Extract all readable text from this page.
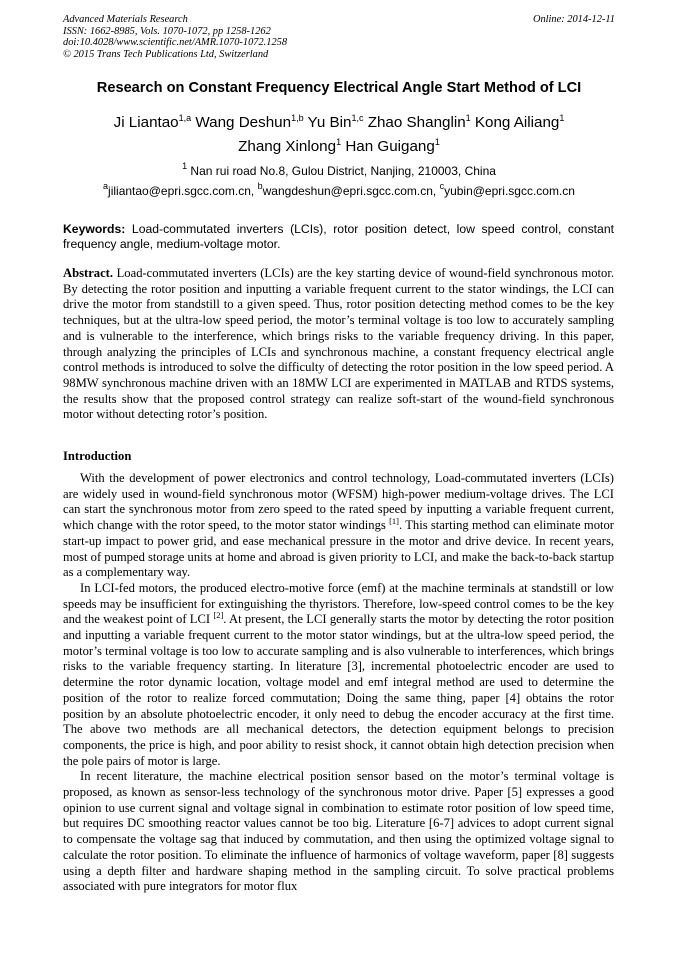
Advanced Materials Research
ISSN: 1662-8985, Vols. 1070-1072, pp 1258-1262
doi:10.4028/www.scientific.net/AMR.1070-1072.1258
© 2015 Trans Tech Publications Ltd, Switzerland
Online: 2014-12-11
Research on Constant Frequency Electrical Angle Start Method of LCI
Ji Liantao$^{1,a}$ Wang Deshun$^{1,b}$ Yu Bin$^{1,c}$ Zhao Shanglin$^1$ Kong Ailiang$^1$
Zhang Xinlong$^1$ Han Guigang$^1$
$^1$ Nan rui road No.8, Gulou District, Nanjing, 210003, China
$^a$jiliantao@epri.sgcc.com.cn, $^b$wangdeshun@epri.sgcc.com.cn, $^c$yubin@epri.sgcc.com.cn
Keywords: Load-commutated inverters (LCIs), rotor position detect, low speed control, constant frequency angle, medium-voltage motor.
Abstract. Load-commutated inverters (LCIs) are the key starting device of wound-field synchronous motor. By detecting the rotor position and inputting a variable frequent current to the stator windings, the LCI can drive the motor from standstill to a given speed. Thus, rotor position detecting method comes to be the key techniques, but at the ultra-low speed period, the motor’s terminal voltage is too low to accurately sampling and is vulnerable to the interference, which brings risks to the variable frequency driving. In this paper, through analyzing the principles of LCIs and synchronous machine, a constant frequency electrical angle control methods is introduced to solve the difficulty of detecting the rotor position in the low speed period. A 98MW synchronous machine driven with an 18MW LCI are experimented in MATLAB and RTDS systems, the results show that the proposed control strategy can realize soft-start of the wound-field synchronous motor without detecting rotor’s position.
Introduction

With the development of power electronics and control technology, Load-commutated inverters (LCIs) are widely used in wound-field synchronous motor (WFSM) high-power medium-voltage drives. The LCI can start the synchronous motor from zero speed to the rated speed by inputting a variable frequent current, which change with the rotor speed, to the motor stator windings [1]. This starting method can eliminate motor start-up impact to power grid, and ease mechanical pressure in the motor and drive device. In recent years, most of pumped storage units at home and abroad is given priority to LCI, and make the back-to-back startup as a complementary way.

In LCI-fed motors, the produced electro-motive force (emf) at the machine terminals at standstill or low speeds may be insufficient for extinguishing the thyristors. Therefore, low-speed control comes to be the key and the weakest point of LCI [2]. At present, the LCI generally starts the motor by detecting the rotor position and inputting a variable frequent current to the motor stator windings, but at the ultra-low speed period, the motor’s terminal voltage is too low to accurate sampling and is also vulnerable to interferences, which brings risks to the variable frequency starting. In literature [3], incremental photoelectric encoder are used to determine the rotor dynamic location, voltage model and emf integral method are used to determine the position of the rotor to realize forced commutation; Doing the same thing, paper [4] obtains the rotor position by an absolute photoelectric encoder, it only need to debug the encoder accuracy at the first time. The above two methods are all mechanical detectors, the detection equipment belongs to precision components, the price is high, and poor ability to resist shock, it cannot obtain high detection precision when the pole pairs of motor is large.

In recent literature, the machine electrical position sensor based on the motor’s terminal voltage is proposed, as known as sensor-less technology of the synchronous motor drive. Paper [5] expresses a good opinion to use current signal and voltage signal in combination to estimate rotor position of low speed time, but requires DC smoothing reactor values cannot be too big. Literature [6-7] advices to adopt current signal to compensate the voltage sag that induced by commutation, and then using the optimized voltage signal to calculate the rotor position. To eliminate the influence of harmonics of voltage waveform, paper [8] suggests using a depth filter and hardware shaping method in the sampling circuit. To solve practical problems associated with pure integrators for motor flux
